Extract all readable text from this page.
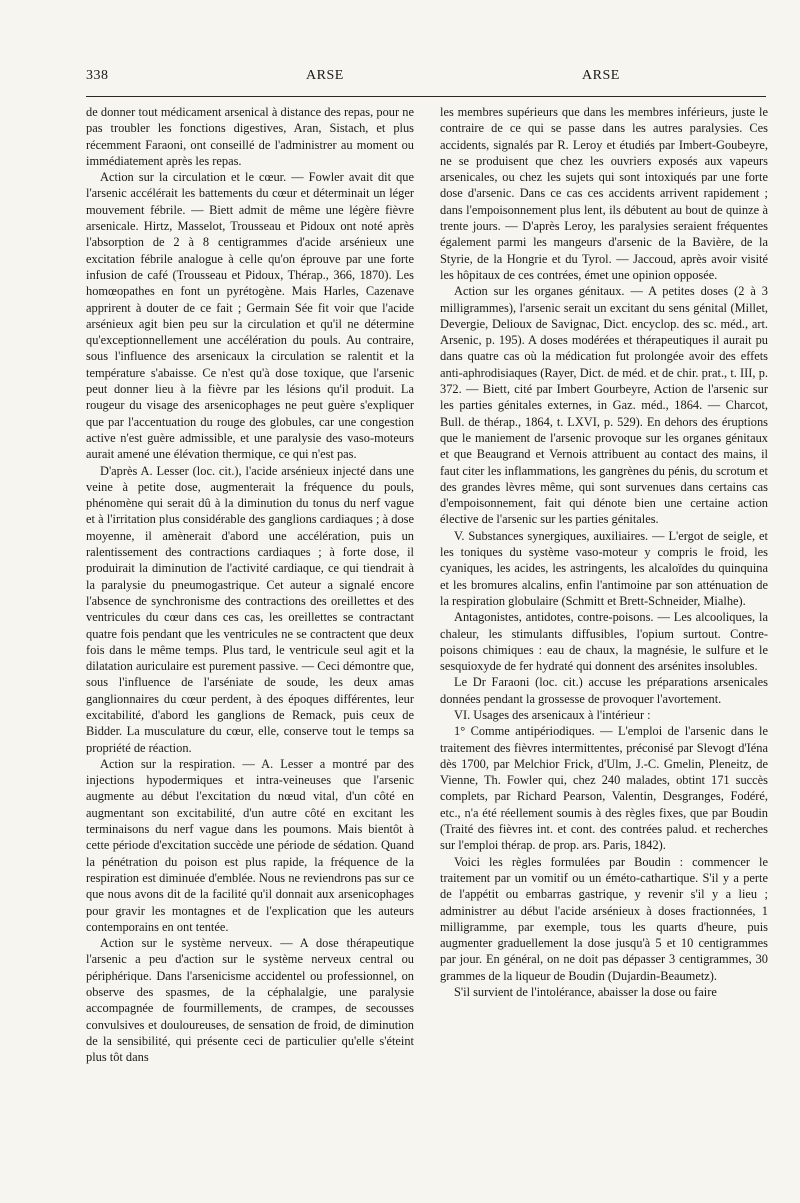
338	ARSE	ARSE

de donner tout médicament arsenical à distance des repas, pour ne pas troubler les fonctions digestives, Aran, Sistach, et plus récemment Faraoni, ont conseillé de l'administrer au moment ou immédiatement après les repas.

Action sur la circulation et le cœur. — Fowler avait dit que l'arsenic accélérait les battements du cœur et déterminait un léger mouvement fébrile. — Biett admit de même une légère fièvre arsenicale. Hirtz, Masselot, Trousseau et Pidoux ont noté après l'absorption de 2 à 8 centigrammes d'acide arsénieux une excitation fébrile analogue à celle qu'on éprouve par une forte infusion de café (Trousseau et Pidoux, Thérap., 366, 1870). Les homœopathes en font un pyrétogène. Mais Harles, Cazenave apprirent à douter de ce fait ; Germain Sée fit voir que l'acide arsénieux agit bien peu sur la circulation et qu'il ne détermine qu'exceptionnellement une accélération du pouls. Au contraire, sous l'influence des arsenicaux la circulation se ralentit et la température s'abaisse. Ce n'est qu'à dose toxique, que l'arsenic peut donner lieu à la fièvre par les lésions qu'il produit. La rougeur du visage des arsenicophages ne peut guère s'expliquer que par l'accentuation du rouge des globules, car une congestion active n'est guère admissible, et une paralysie des vaso-moteurs aurait amené une élévation thermique, ce qui n'est pas.

D'après A. Lesser (loc. cit.), l'acide arsénieux injecté dans une veine à petite dose, augmenterait la fréquence du pouls, phénomène qui serait dû à la diminution du tonus du nerf vague et à l'irritation plus considérable des ganglions cardiaques ; à dose moyenne, il amènerait d'abord une accélération, puis un ralentissement des contractions cardiaques ; à forte dose, il produirait la diminution de l'activité cardiaque, ce qui tiendrait à la paralysie du pneumogastrique. Cet auteur a signalé encore l'absence de synchronisme des contractions des oreillettes et des ventricules du cœur dans ces cas, les oreillettes se contractant quatre fois pendant que les ventricules ne se contractent que deux fois dans le même temps. Plus tard, le ventricule seul agit et la dilatation auriculaire est purement passive. — Ceci démontre que, sous l'influence de l'arséniate de soude, les deux amas ganglionnaires du cœur perdent, à des époques différentes, leur excitabilité, d'abord les ganglions de Remack, puis ceux de Bidder. La musculature du cœur, elle, conserve tout le temps sa propriété de réaction.

Action sur la respiration. — A. Lesser a montré par des injections hypodermiques et intra-veineuses que l'arsenic augmente au début l'excitation du nœud vital, d'un côté en augmentant son excitabilité, d'un autre côté en excitant les terminaisons du nerf vague dans les poumons. Mais bientôt à cette période d'excitation succède une période de sédation. Quand la pénétration du poison est plus rapide, la fréquence de la respiration est diminuée d'emblée. Nous ne reviendrons pas sur ce que nous avons dit de la facilité qu'il donnait aux arsenicophages pour gravir les montagnes et de l'explication que les auteurs contemporains en ont tentée.

Action sur le système nerveux. — A dose thérapeutique l'arsenic a peu d'action sur le système nerveux central ou périphérique. Dans l'arsenicisme accidentel ou professionnel, on observe des spasmes, de la céphalalgie, une paralysie accompagnée de fourmillements, de crampes, de secousses convulsives et douloureuses, de sensation de froid, de diminution de la sensibilité, qui présente ceci de particulier qu'elle s'éteint plus tôt dans

les membres supérieurs que dans les membres inférieurs, juste le contraire de ce qui se passe dans les autres paralysies. Ces accidents, signalés par R. Leroy et étudiés par Imbert-Goubeyre, ne se produisent que chez les ouvriers exposés aux vapeurs arsenicales, ou chez les sujets qui sont intoxiqués par une forte dose d'arsenic. Dans ce cas ces accidents arrivent rapidement ; dans l'empoisonnement plus lent, ils débutent au bout de quinze à trente jours. — D'après Leroy, les paralysies seraient fréquentes également parmi les mangeurs d'arsenic de la Bavière, de la Styrie, de la Hongrie et du Tyrol. — Jaccoud, après avoir visité les hôpitaux de ces contrées, émet une opinion opposée.

Action sur les organes génitaux. — A petites doses (2 à 3 milligrammes), l'arsenic serait un excitant du sens génital (Millet, Devergie, Delioux de Savignac, Dict. encyclop. des sc. méd., art. Arsenic, p. 195). A doses modérées et thérapeutiques il aurait pu dans quatre cas où la médication fut prolongée avoir des effets anti-aphrodisiaques (Rayer, Dict. de méd. et de chir. prat., t. III, p. 372. — Biett, cité par Imbert Gourbeyre, Action de l'arsenic sur les parties génitales externes, in Gaz. méd., 1864. — Charcot, Bull. de thérap., 1864, t. LXVI, p. 529). En dehors des éruptions que le maniement de l'arsenic provoque sur les organes génitaux et que Beaugrand et Vernois attribuent au contact des mains, il faut citer les inflammations, les gangrènes du pénis, du scrotum et des grandes lèvres même, qui sont survenues dans certains cas d'empoisonnement, fait qui dénote bien une certaine action élective de l'arsenic sur les parties génitales.

V. Substances synergiques, auxiliaires. — L'ergot de seigle, et les toniques du système vaso-moteur y compris le froid, les cyaniques, les acides, les astringents, les alcaloïdes du quinquina et les bromures alcalins, enfin l'antimoine par son atténuation de la respiration globulaire (Schmitt et Brett-Schneider, Mialhe).

Antagonistes, antidotes, contre-poisons. — Les alcooliques, la chaleur, les stimulants diffusibles, l'opium surtout. Contre-poisons chimiques : eau de chaux, la magnésie, le sulfure et le sesquioxyde de fer hydraté qui donnent des arsénites insolubles.

Le Dr Faraoni (loc. cit.) accuse les préparations arsenicales données pendant la grossesse de provoquer l'avortement.

VI. Usages des arsenicaux à l'intérieur :

1° Comme antipériodiques. — L'emploi de l'arsenic dans le traitement des fièvres intermittentes, préconisé par Slevogt d'Iéna dès 1700, par Melchior Frick, d'Ulm, J.-C. Gmelin, Pleneitz, de Vienne, Th. Fowler qui, chez 240 malades, obtint 171 succès complets, par Richard Pearson, Valentin, Desgranges, Fodéré, etc., n'a été réellement soumis à des règles fixes, que par Boudin (Traité des fièvres int. et cont. des contrées palud. et recherches sur l'emploi thérap. de prop. ars. Paris, 1842).

Voici les règles formulées par Boudin : commencer le traitement par un vomitif ou un éméto-cathartique. S'il y a perte de l'appétit ou embarras gastrique, y revenir s'il y a lieu ; administrer au début l'acide arsénieux à doses fractionnées, 1 milligramme, par exemple, tous les quarts d'heure, puis augmenter graduellement la dose jusqu'à 5 et 10 centigrammes par jour. En général, on ne doit pas dépasser 3 centigrammes, 30 grammes de la liqueur de Boudin (Dujardin-Beaumetz).

S'il survient de l'intolérance, abaisser la dose ou faire
